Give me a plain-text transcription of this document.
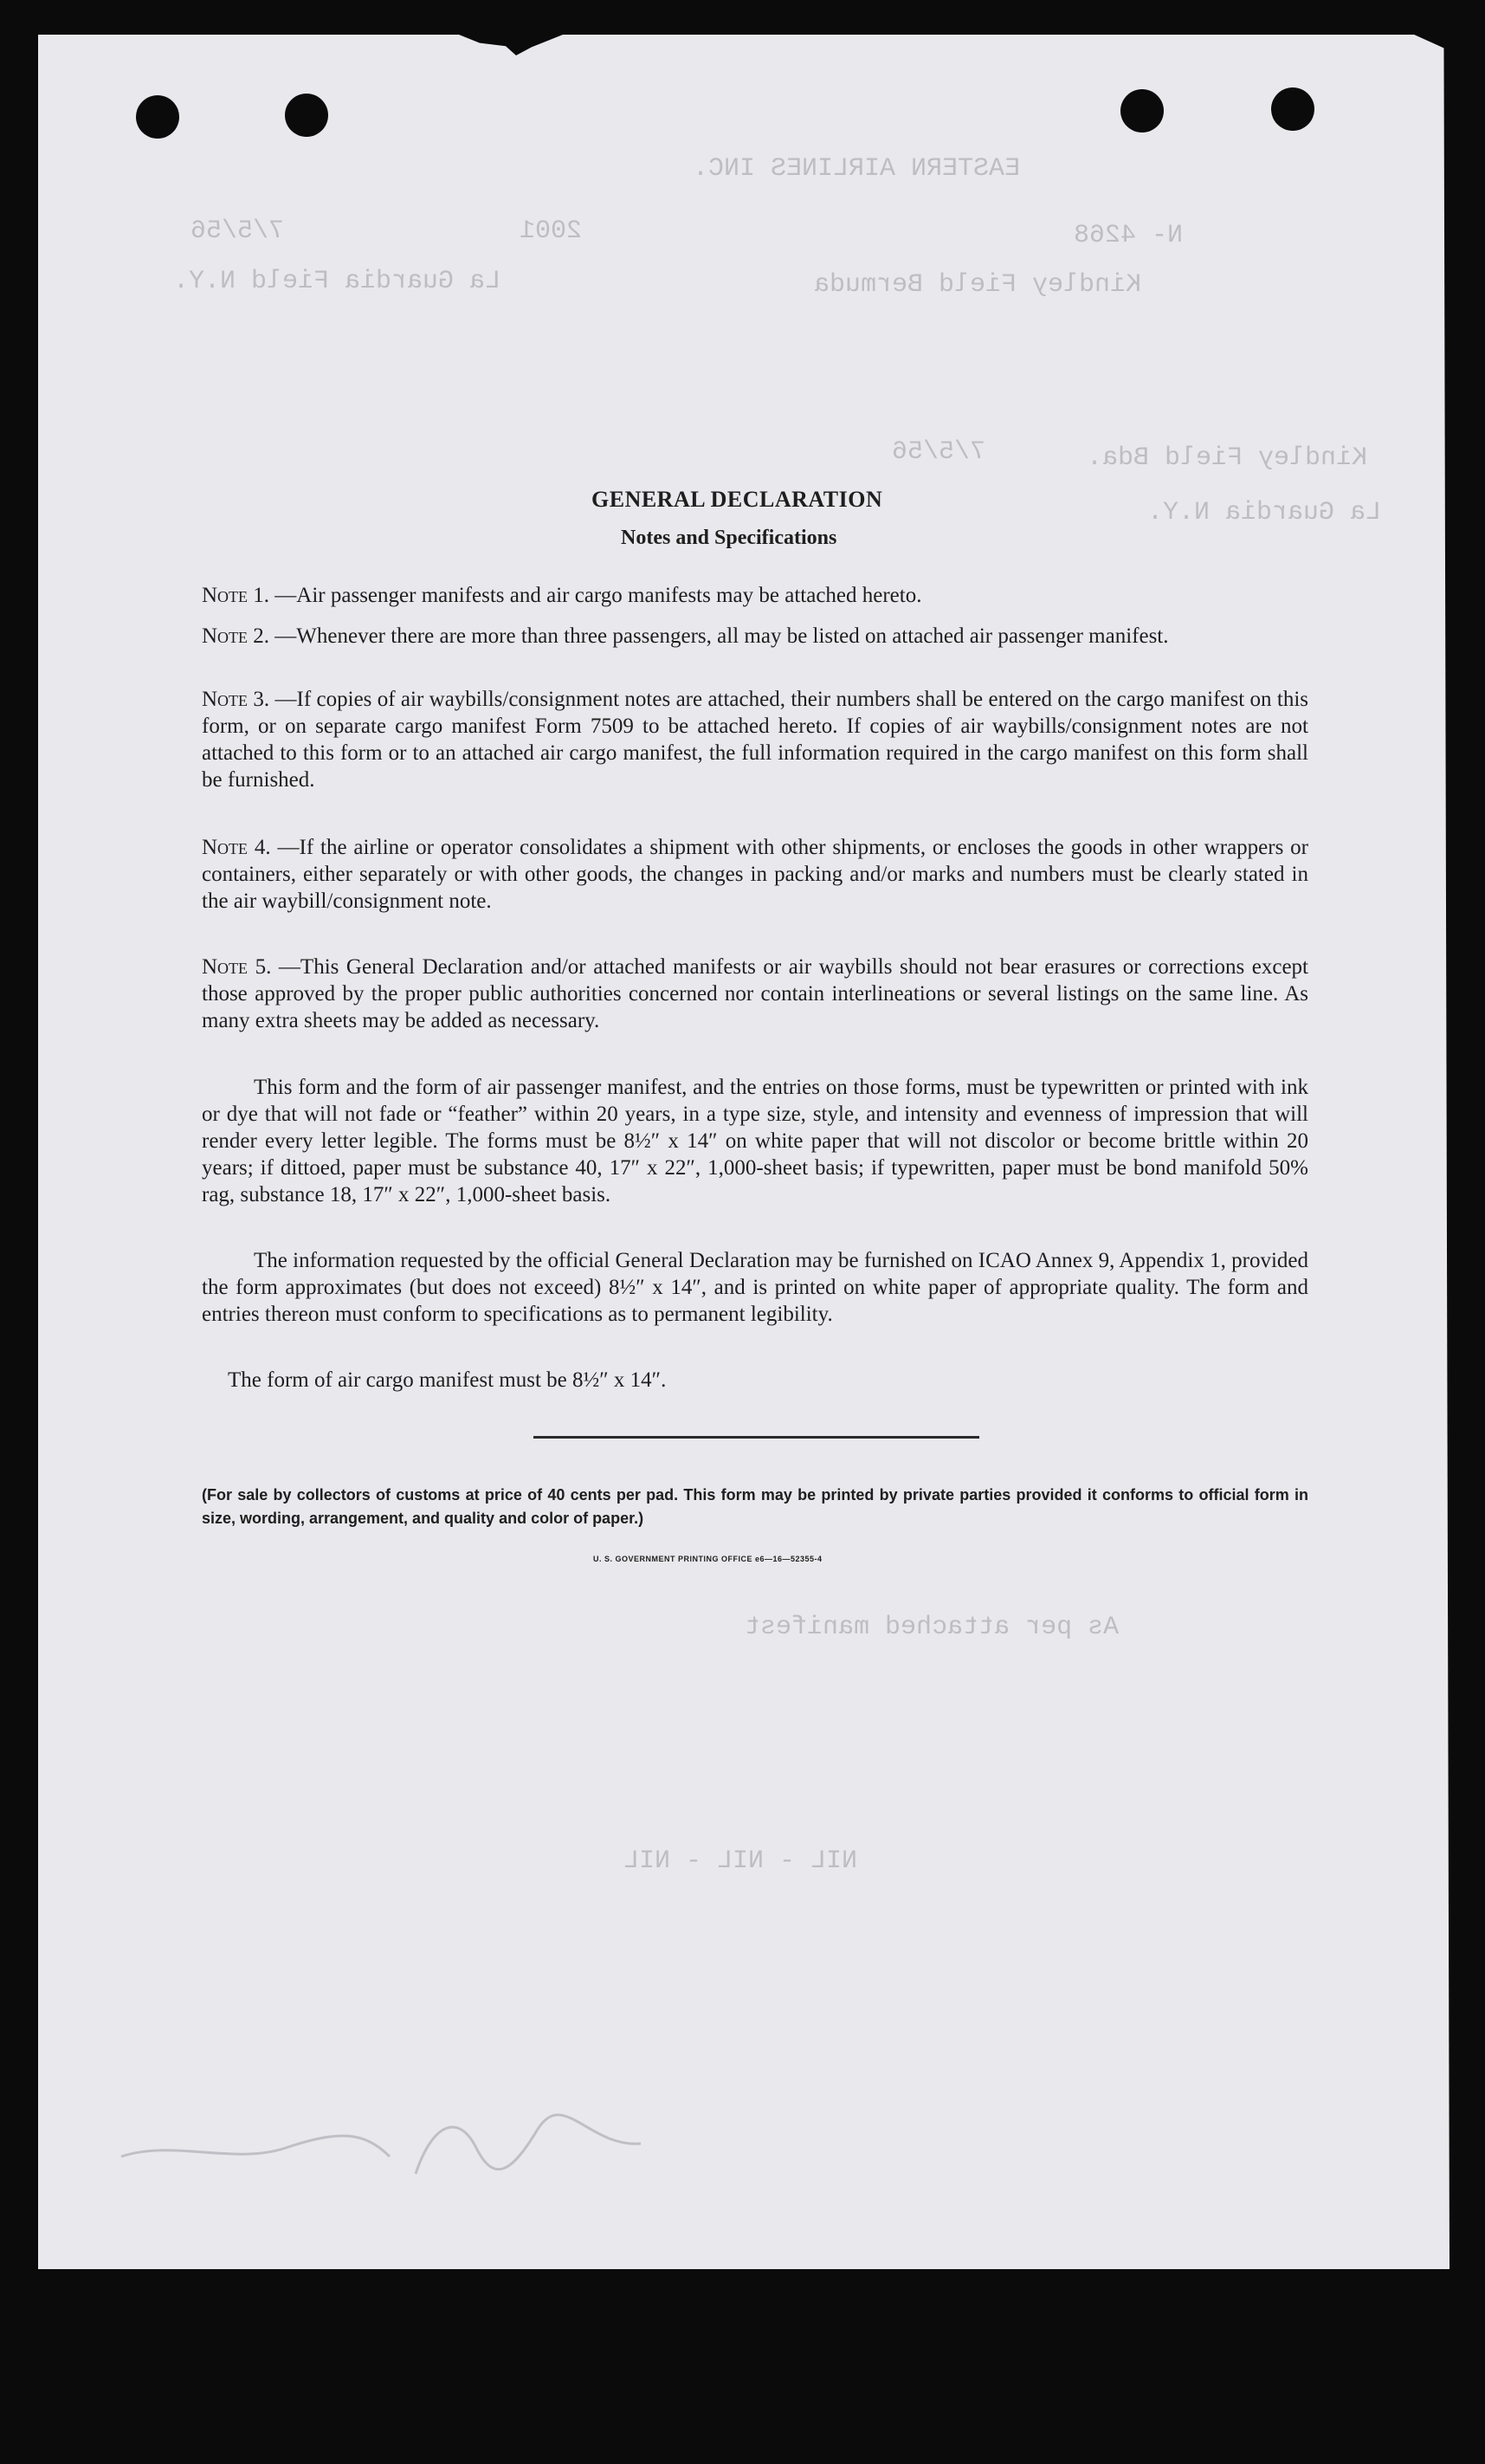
EASTERN AIRLINES INC.
N- 4268
2001
7/5/56
Kindley Field Bermuda
La Guardia Field N.Y.
Kindley Field Bda.
7/5/56
La Guardia N.Y.
As per attached manifest
NIL - NIL - NIL
GENERAL DECLARATION
Notes and Specifications
Note 1. —Air passenger manifests and air cargo manifests may be attached hereto.
Note 2. —Whenever there are more than three passengers, all may be listed on attached air passenger manifest.
Note 3. —If copies of air waybills/consignment notes are attached, their numbers shall be entered on the cargo manifest on this form, or on separate cargo manifest Form 7509 to be attached hereto. If copies of air waybills/consignment notes are not attached to this form or to an attached air cargo manifest, the full information required in the cargo manifest on this form shall be furnished.
Note 4. —If the airline or operator consolidates a shipment with other shipments, or encloses the goods in other wrappers or containers, either separately or with other goods, the changes in packing and/or marks and numbers must be clearly stated in the air waybill/consignment note.
Note 5. —This General Declaration and/or attached manifests or air waybills should not bear erasures or corrections except those approved by the proper public authorities concerned nor contain interlineations or several listings on the same line. As many extra sheets may be added as necessary.
This form and the form of air passenger manifest, and the entries on those forms, must be typewritten or printed with ink or dye that will not fade or “feather” within 20 years, in a type size, style, and intensity and evenness of impression that will render every letter legible. The forms must be 8½″ x 14″ on white paper that will not discolor or become brittle within 20 years; if dittoed, paper must be substance 40, 17″ x 22″, 1,000-sheet basis; if typewritten, paper must be bond manifold 50% rag, substance 18, 17″ x 22″, 1,000-sheet basis.
The information requested by the official General Declaration may be furnished on ICAO Annex 9, Appendix 1, provided the form approximates (but does not exceed) 8½″ x 14″, and is printed on white paper of appropriate quality. The form and entries thereon must conform to specifications as to permanent legibility.
The form of air cargo manifest must be 8½″ x 14″.
(For sale by collectors of customs at price of 40 cents per pad. This form may be printed by private parties provided it conforms to official form in size, wording, arrangement, and quality and color of paper.)
U. S. GOVERNMENT PRINTING OFFICE e6—16—52355-4
